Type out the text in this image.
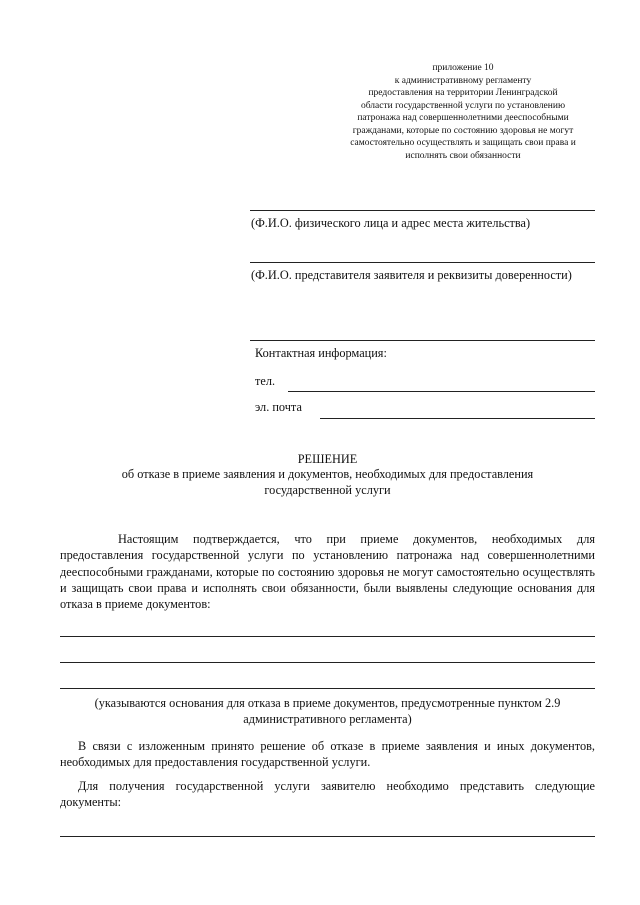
приложение 10
к административному регламенту
предоставления на территории Ленинградской
области государственной услуги по установлению
патронажа над совершеннолетними дееспособными
гражданами, которые по состоянию здоровья не могут
самостоятельно осуществлять и защищать свои права и
исполнять свои обязанности
(Ф.И.О. физического лица и адрес места жительства)
(Ф.И.О. представителя заявителя и реквизиты доверенности)
Контактная информация:
тел.
эл. почта
РЕШЕНИЕ
об отказе в приеме заявления и документов, необходимых для предоставления
государственной услуги
Настоящим подтверждается, что при приеме документов, необходимых для предоставления государственной услуги по установлению патронажа над совершеннолетними дееспособными гражданами, которые по состоянию здоровья не могут самостоятельно осуществлять и защищать свои права и исполнять свои обязанности, были выявлены следующие основания для отказа в приеме документов:
(указываются основания для отказа в приеме документов, предусмотренные пунктом 2.9
административного регламента)
В связи с изложенным принято решение об отказе в приеме заявления и иных документов, необходимых для предоставления государственной услуги.
Для получения государственной услуги заявителю необходимо представить следующие документы:
